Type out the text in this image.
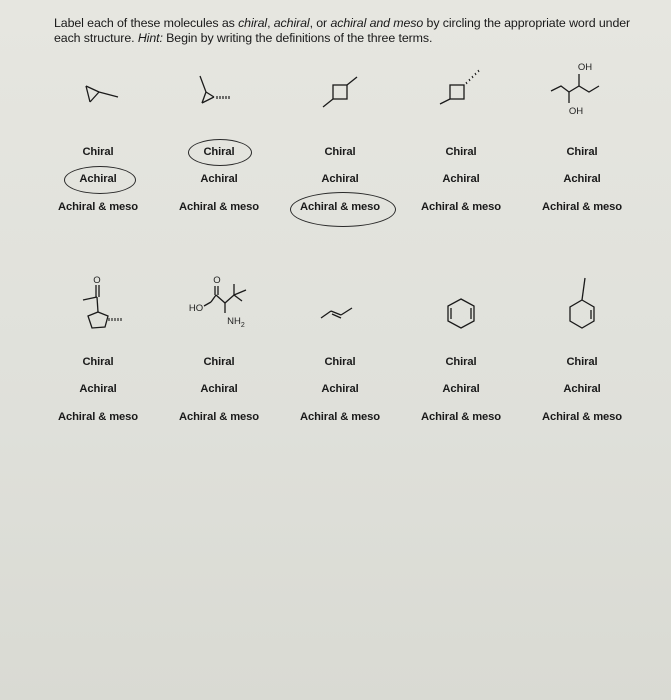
Label each of these molecules as chiral, achiral, or achiral and meso by circling the appropriate word under each structure. Hint: Begin by writing the definitions of the three terms.
Chiral
Achiral
Achiral & meso
Chiral
Achiral
Achiral & meso
Chiral
Achiral
Achiral & meso
Chiral
Achiral
Achiral & meso
OH
OH
Chiral
Achiral
Achiral & meso
O
Chiral
Achiral
Achiral & meso
O
HO
$NH_2$
Chiral
Achiral
Achiral & meso
Chiral
Achiral
Achiral & meso
Chiral
Achiral
Achiral & meso
Chiral
Achiral
Achiral & meso
